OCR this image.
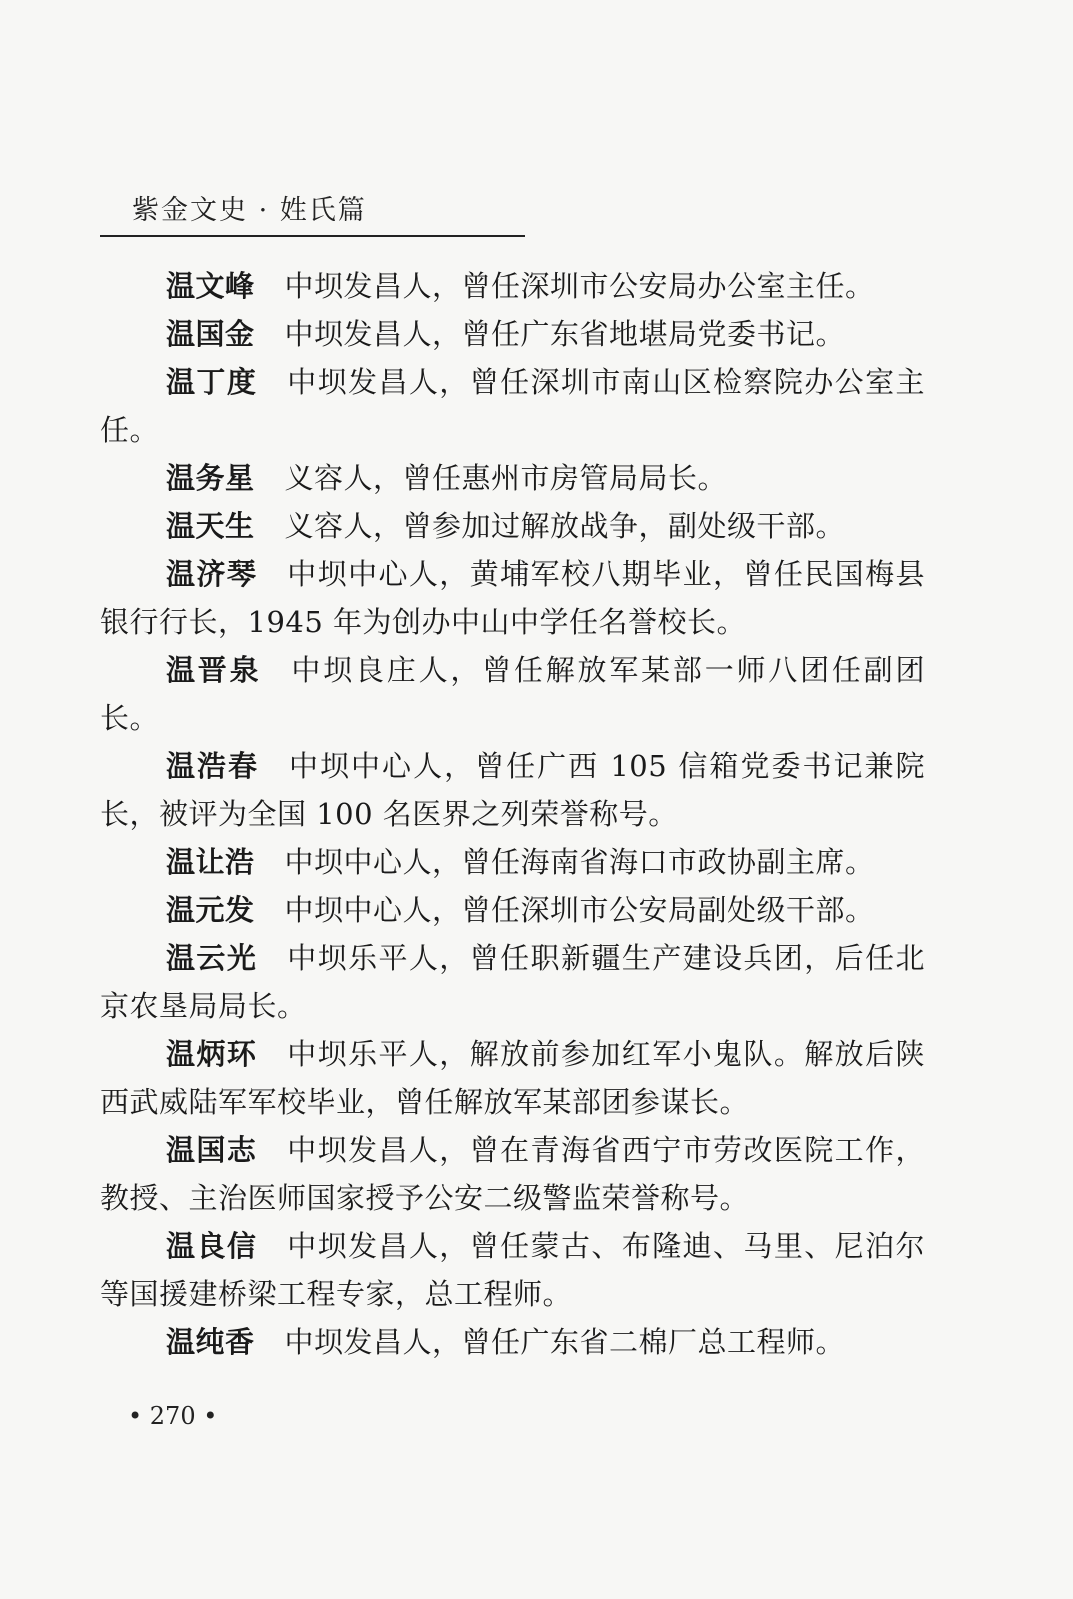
紫金文史 · 姓氏篇

温文峰 中坝发昌人，曾任深圳市公安局办公室主任。

温国金 中坝发昌人，曾任广东省地堪局党委书记。

温丁度 中坝发昌人，曾任深圳市南山区检察院办公室主任。

温务星 义容人，曾任惠州市房管局局长。

温天生 义容人，曾参加过解放战争，副处级干部。

温济琴 中坝中心人，黄埔军校八期毕业，曾任民国梅县银行行长，1945 年为创办中山中学任名誉校长。

温晋泉 中坝良庄人，曾任解放军某部一师八团任副团长。

温浩春 中坝中心人，曾任广西 105 信箱党委书记兼院长，被评为全国 100 名医界之列荣誉称号。

温让浩 中坝中心人，曾任海南省海口市政协副主席。

温元发 中坝中心人，曾任深圳市公安局副处级干部。

温云光 中坝乐平人，曾任职新疆生产建设兵团，后任北京农垦局局长。

温炳环 中坝乐平人，解放前参加红军小鬼队。解放后陕西武威陆军军校毕业，曾任解放军某部团参谋长。

温国志 中坝发昌人，曾在青海省西宁市劳改医院工作，教授、主治医师国家授予公安二级警监荣誉称号。

温良信 中坝发昌人，曾任蒙古、布隆迪、马里、尼泊尔等国援建桥梁工程专家，总工程师。

温纯香 中坝发昌人，曾任广东省二棉厂总工程师。

• 270 •
